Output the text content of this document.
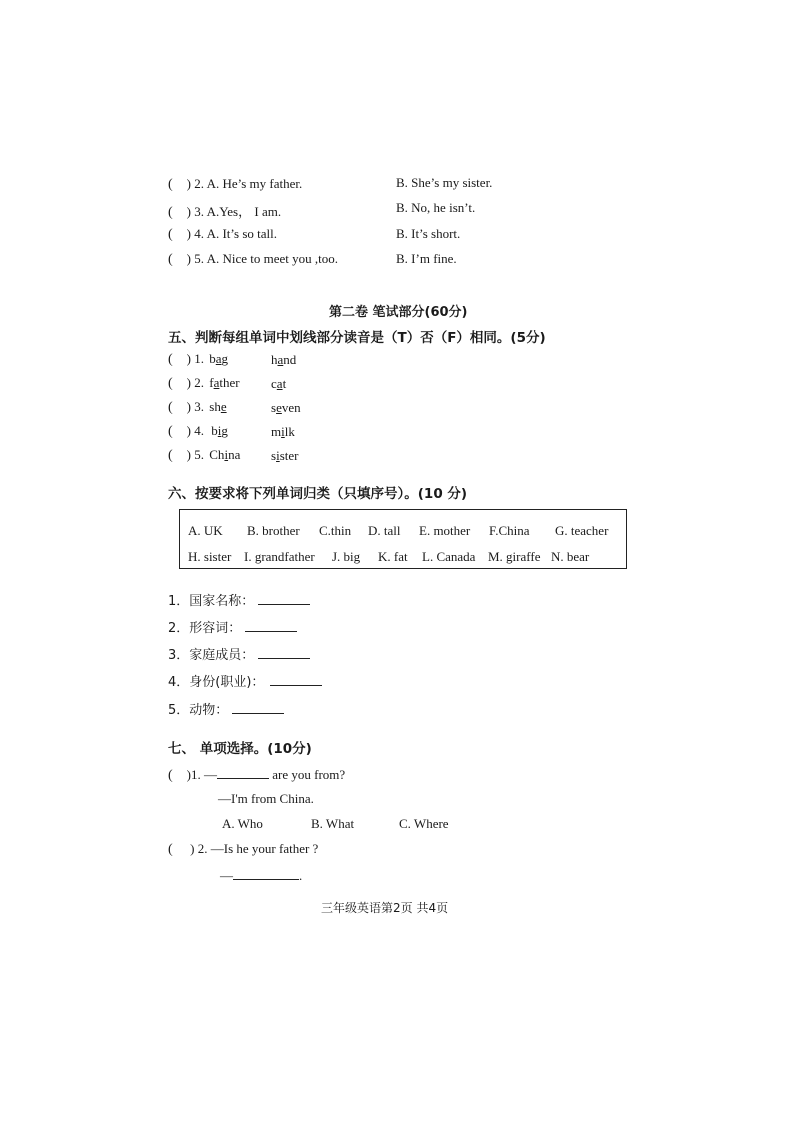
(    ) 2. A. He’s my father.	B. She’s my sister.
(    ) 3. A.Yes， I am.	B. No, he isn’t.
(    ) 4. A. It’s so tall.	B. It’s short.
(    ) 5. A. Nice to meet you ,too.	B. I’m fine.
第二卷 笔试部分(60分)
五、判断每组单词中划线部分读音是（T）否（F）相同。(5分)
(    ) 1. bag	hand
(    ) 2. father	cat
(    ) 3. she	seven
(    ) 4. big	milk
(    ) 5. China	sister
六、按要求将下列单词归类（只填序号）。(10 分)
A. UK B. brother C.thin D. tall E. mother F.China G. teacher
H. sister I. grandfather J. big K. fat L. Canada M. giraffe N. bear
1．国家名称：
2．形容词：
3．家庭成员：
4．身份(职业)：
5．动物：
七、 单项选择。(10分)
(    )1. —	are you from?
—I'm from China.
A. Who	B. What	C. Where
(     ) 2. —Is he your father ?
—	.
三年级英语第2页 共4页
